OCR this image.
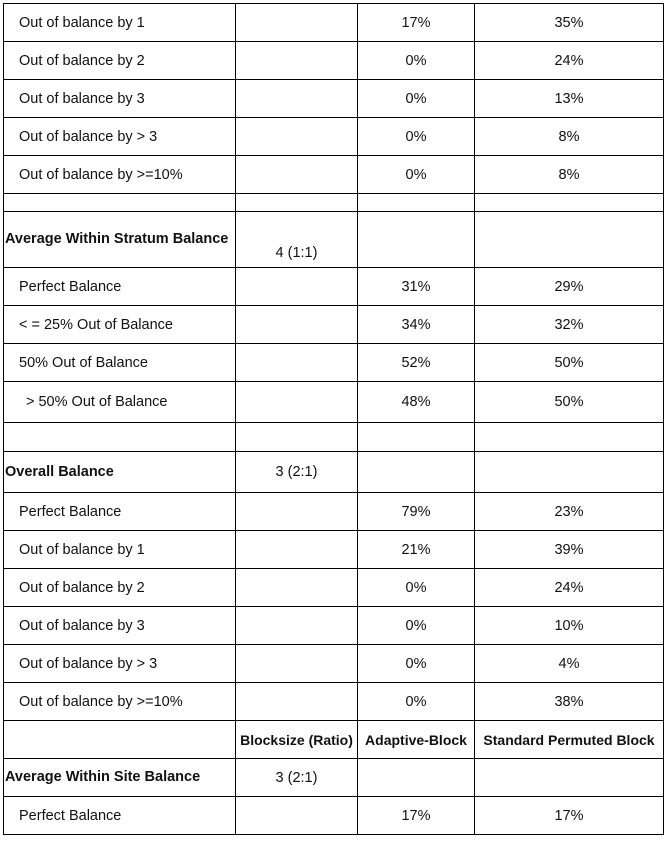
Out of balance by 1		17%	35%
Out of balance by 2		0%	24%
Out of balance by 3		0%	13%
Out of balance by > 3		0%	8%
Out of balance by >=10%		0%	8%

Average Within Stratum Balance	4 (1:1)		
Perfect Balance		31%	29%
< = 25% Out of Balance		34%	32%
50% Out of Balance		52%	50%
> 50% Out of Balance		48%	50%

Overall Balance	3 (2:1)		
Perfect Balance		79%	23%
Out of balance by 1		21%	39%
Out of balance by 2		0%	24%
Out of balance by 3		0%	10%
Out of balance by > 3		0%	4%
Out of balance by >=10%		0%	38%
	Blocksize (Ratio)	Adaptive-Block	Standard Permuted Block
Average Within Site Balance	3 (2:1)		
Perfect Balance		17%	17%
